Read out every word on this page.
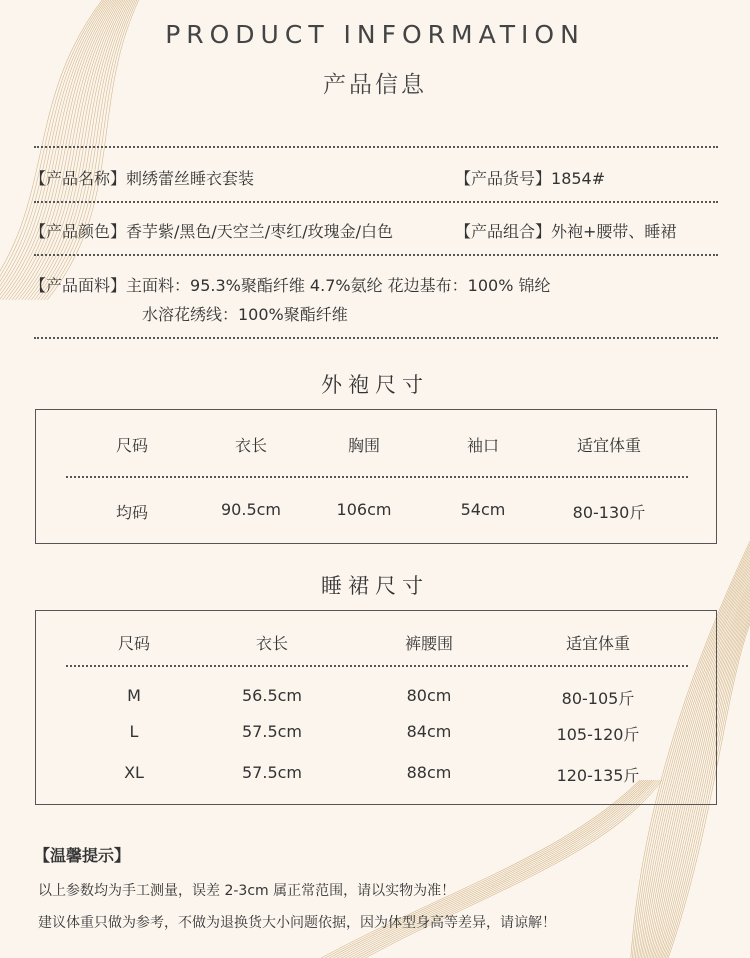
PRODUCT INFORMATION
产品信息
【产品名称】刺绣蕾丝睡衣套装	【产品货号】1854#
【产品颜色】香芋紫/黑色/天空兰/枣红/玫瑰金/白色	【产品组合】外袍+腰带、睡裙
【产品面料】主面料：95.3%聚酯纤维 4.7%氨纶 花边基布：100% 锦纶
水溶花绣线：100%聚酯纤维
外袍尺寸
尺码	衣长	胸围	袖口	适宜体重
均码	90.5cm	106cm	54cm	80-130斤
睡裙尺寸
尺码	衣长	裤腰围	适宜体重
M	56.5cm	80cm	80-105斤
L	57.5cm	84cm	105-120斤
XL	57.5cm	88cm	120-135斤
【温馨提示】
以上参数均为手工测量，误差 2-3cm 属正常范围，请以实物为准！
建议体重只做为参考，不做为退换货大小问题依据，因为体型身高等差异，请谅解！
